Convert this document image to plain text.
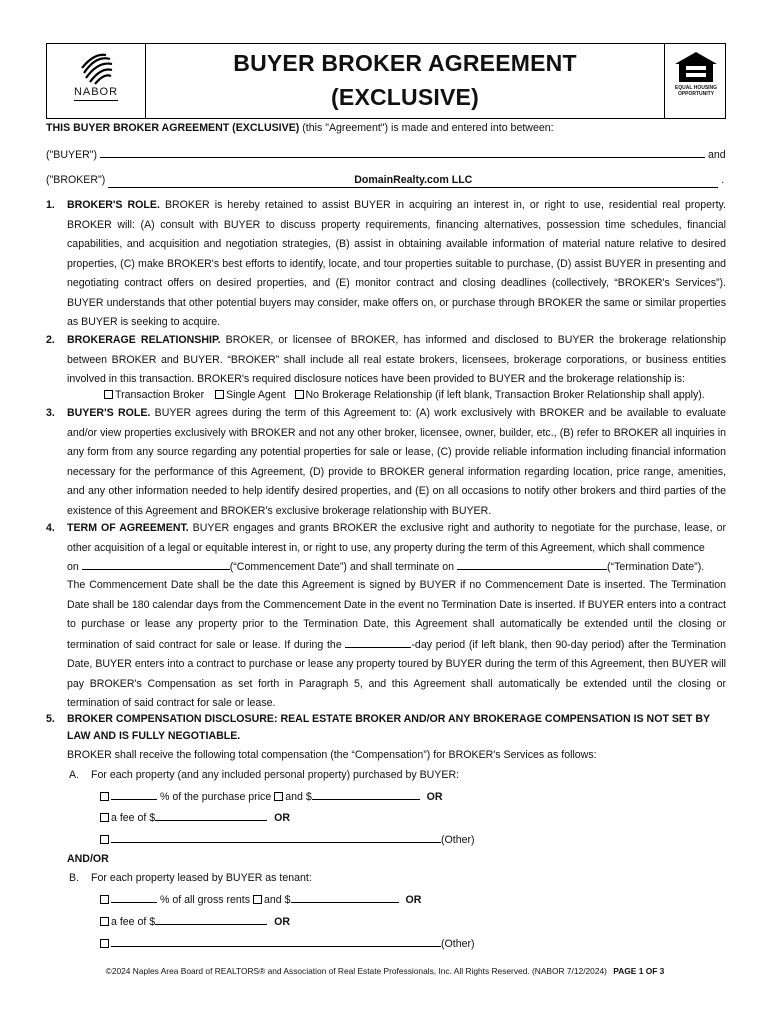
NABOR
BUYER BROKER AGREEMENT
(EXCLUSIVE)	EQUAL HOUSING
OPPORTUNITY
THIS BUYER BROKER AGREEMENT (EXCLUSIVE) (this "Agreement") is made and entered into between:
("BUYER")	and
("BROKER")	DomainRealty.com LLC	.
1. BROKER'S ROLE. BROKER is hereby retained to assist BUYER in acquiring an interest in, or right to use, residential real property. BROKER will: (A) consult with BUYER to discuss property requirements, financing alternatives, possession time schedules, financial capabilities, and acquisition and negotiation strategies, (B) assist in obtaining available information of material nature relative to desired properties, (C) make BROKER's best efforts to identify, locate, and tour properties suitable to purchase, (D) assist BUYER in presenting and negotiating contract offers on desired properties, and (E) monitor contract and closing deadlines (collectively, “BROKER's Services”). BUYER understands that other potential buyers may consider, make offers on, or purchase through BROKER the same or similar properties as BUYER is seeking to acquire.
2. BROKERAGE RELATIONSHIP. BROKER, or licensee of BROKER, has informed and disclosed to BUYER the brokerage relationship between BROKER and BUYER. “BROKER” shall include all real estate brokers, licensees, brokerage corporations, or business entities involved in this transaction. BROKER's required disclosure notices have been provided to BUYER and the brokerage relationship is:
Transaction Broker Single Agent No Brokerage Relationship (if left blank, Transaction Broker Relationship shall apply).
3. BUYER'S ROLE. BUYER agrees during the term of this Agreement to: (A) work exclusively with BROKER and be available to evaluate and/or view properties exclusively with BROKER and not any other broker, licensee, owner, builder, etc., (B) refer to BROKER all inquiries in any form from any source regarding any potential properties for sale or lease, (C) provide reliable information including financial information necessary for the performance of this Agreement, (D) provide to BROKER general information regarding location, price range, amenities, and any other information needed to help identify desired properties, and (E) on all occasions to notify other brokers and third parties of the existence of this Agreement and BROKER's exclusive brokerage relationship with BUYER.
4. TERM OF AGREEMENT. BUYER engages and grants BROKER the exclusive right and authority to negotiate for the purchase, lease, or other acquisition of a legal or equitable interest in, or right to use, any property during the term of this Agreement, which shall commence
on	(“Commencement Date”) and shall terminate on	(“Termination Date”).
The Commencement Date shall be the date this Agreement is signed by BUYER if no Commencement Date is inserted. The Termination Date shall be 180 calendar days from the Commencement Date in the event no Termination Date is inserted. If BUYER enters into a contract to purchase or lease any property prior to the Termination Date, this Agreement shall automatically be extended until the closing or termination of said contract for sale or lease. If during the	-day period (if left blank, then 90-day period) after the Termination Date, BUYER enters into a contract to purchase or lease any property toured by BUYER during the term of this Agreement, then BUYER will pay BROKER's Compensation as set forth in Paragraph 5, and this Agreement shall automatically be extended until the closing or termination of said contract for sale or lease.
5. BROKER COMPENSATION DISCLOSURE: REAL ESTATE BROKER AND/OR ANY BROKERAGE COMPENSATION IS NOT SET BY
LAW AND IS FULLY NEGOTIABLE.
BROKER shall receive the following total compensation (the “Compensation”) for BROKER's Services as follows:
A. For each property (and any included personal property) purchased by BUYER:
% of the purchase price and $	OR
a fee of $	OR
(Other)
AND/OR
B. For each property leased by BUYER as tenant:
% of all gross rents and $	OR
a fee of $	OR
(Other)
©2024 Naples Area Board of REALTORS® and Association of Real Estate Professionals, Inc. All Rights Reserved. (NABOR 7/12/2024) PAGE 1 OF 3
